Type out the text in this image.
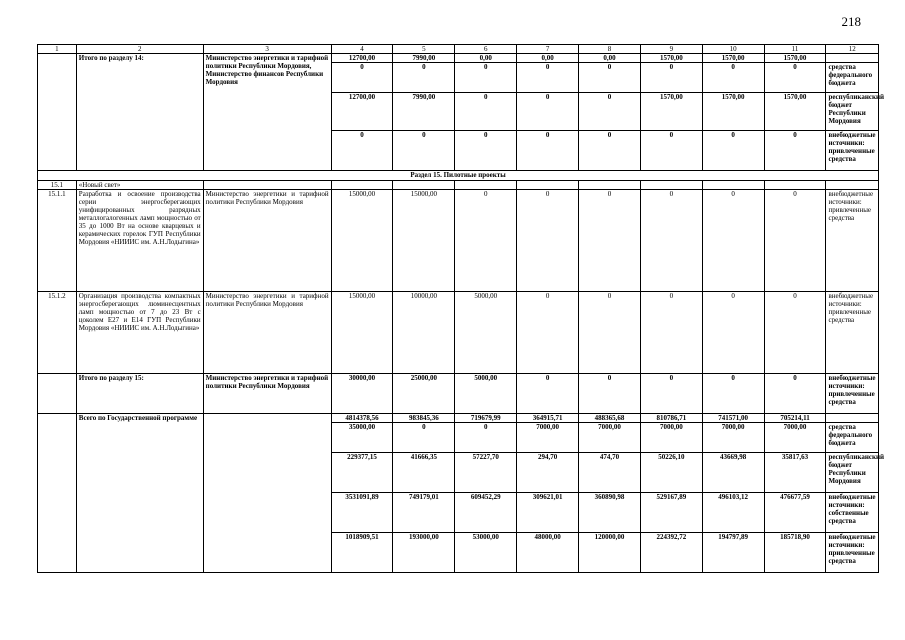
218
1	2	3	4	5	6	7	8	9	10	11	12
	Итого по разделу 14:	Министерство энергетики и тарифной политики Республики Мордовия, Министерство финансов Республики Мордовия	12700,00	7990,00	0,00	0,00	0,00	1570,00	1570,00	1570,00	
			0	0	0	0	0	0	0	0	средства федерального бюджета
			12700,00	7990,00	0	0	0	1570,00	1570,00	1570,00	республиканский бюджет Республики Мордовия
			0	0	0	0	0	0	0	0	внебюджетные источники: привлеченные средства
Раздел 15. Пилотные проекты											
15.1	«Новый свет»										
15.1.1	Разработка и освоение производства серии энергосберегающих унифицированных разрядных металлогалогенных ламп мощностью от 35 до 1000 Вт на основе кварцевых и керамических горелок ГУП Республики Мордовия «НИИИС им. А.Н.Лодыгина»	Министерство энергетики и тарифной политики Республики Мордовия	15000,00	15000,00	0	0	0	0	0	0	внебюджетные источники: привлеченные средства
15.1.2	Организация производства компактных энергосберегающих люминесцентных ламп мощностью от 7 до 23 Вт с цоколем Е27 и Е14 ГУП Республики Мордовия «НИИИС им. А.Н.Лодыгина»	Министерство энергетики и тарифной политики Республики Мордовия	15000,00	10000,00	5000,00	0	0	0	0	0	внебюджетные источники: привлеченные средства
	Итого по разделу 15:	Министерство энергетики и тарифной политики Республики Мордовия	30000,00	25000,00	5000,00	0	0	0	0	0	внебюджетные источники: привлеченные средства
	Всего по Государственной программе		4814378,56	983845,36	719679,99	364915,71	488365,68	810786,71	741571,00	705214,11	
			35000,00	0	0	7000,00	7000,00	7000,00	7000,00	7000,00	средства федерального бюджета
			229377,15	41666,35	57227,70	294,70	474,70	50226,10	43669,98	35817,63	республиканский бюджет Республики Мордовия
			3531091,89	749179,01	609452,29	309621,01	360890,98	529167,89	496103,12	476677,59	внебюджетные источники: собственные средства
			1018909,51	193000,00	53000,00	48000,00	120000,00	224392,72	194797,89	185718,90	внебюджетные источники: привлеченные средства
